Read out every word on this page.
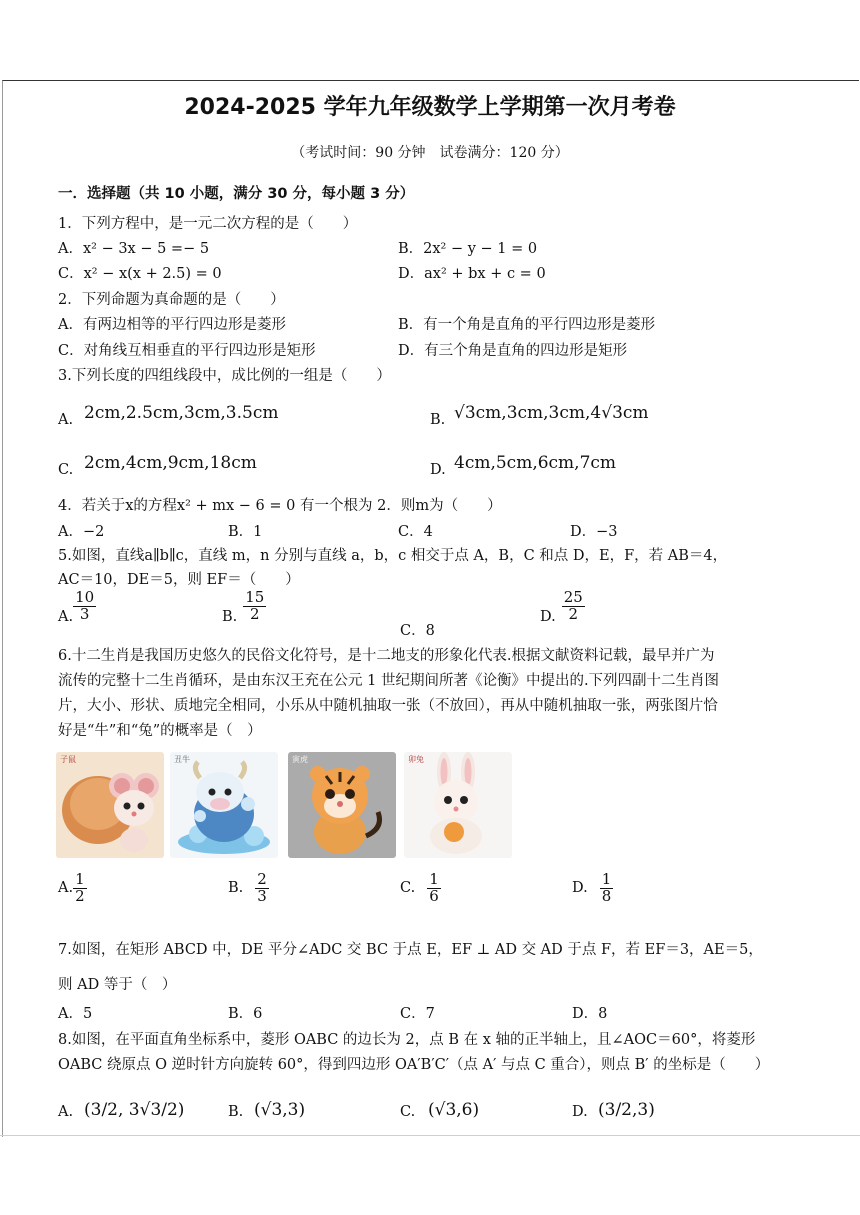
2024-2025 学年九年级数学上学期第一次月考卷
（考试时间：90 分钟　试卷满分：120 分）
一．选择题（共 10 小题，满分 30 分，每小题 3 分）
1．下列方程中，是一元二次方程的是（　　）
A．x² − 3x − 5 =− 5	B．2x² − y − 1 = 0
C．x² − x(x + 2.5) = 0	D．ax² + bx + c = 0
2．下列命题为真命题的是（　　）
A．有两边相等的平行四边形是菱形	B．有一个角是直角的平行四边形是菱形
C．对角线互相垂直的平行四边形是矩形	D．有三个角是直角的四边形是矩形
3.下列长度的四组线段中，成比例的一组是（　　）
A. 2cm,2.5cm,3cm,3.5cm	B. √3cm,3cm,3cm,4√3cm
C. 2cm,4cm,9cm,18cm	D. 4cm,5cm,6cm,7cm
4．若关于x的方程x² + mx − 6 = 0 有一个根为 2．则m为（　　）
A．−2	B．1	C．4	D．−3
5.如图，直线a∥b∥c，直线 m，n 分别与直线 a，b，c 相交于点 A，B，C 和点 D，E，F，若 AB＝4，
AC＝10，DE＝5，则 EF＝（　　）
A. $\frac{10}{3}$	B. $\frac{15}{2}$
C．8
D. $\frac{25}{2}$
6.十二生肖是我国历史悠久的民俗文化符号，是十二地支的形象化代表.根据文献资料记载，最早并广为
流传的完整十二生肖循环，是由东汉王充在公元 1 世纪期间所著《论衡》中提出的.下列四副十二生肖图
片，大小、形状、质地完全相同，小乐从中随机抽取一张（不放回），再从中随机抽取一张，两张图片恰
好是“牛”和“兔”的概率是（　）
子鼠	丑牛	寅虎	卯兔
A. $\frac{1}{2}$	B. $\frac{2}{3}$	C. $\frac{1}{6}$	D. $\frac{1}{8}$
7.如图，在矩形 ABCD 中，DE 平分∠ADC 交 BC 于点 E，EF ⊥ AD 交 AD 于点 F，若 EF＝3，AE＝5，
则 AD 等于（　）
A．5	B．6	C．7	D．8
8.如图，在平面直角坐标系中，菱形 OABC 的边长为 2，点 B 在 x 轴的正半轴上，且∠AOC＝60°，将菱形
OABC 绕原点 O 逆时针方向旋转 60°，得到四边形 OA′B′C′（点 A′ 与点 C 重合），则点 B′ 的坐标是（　　）
A. (3/2, 3√3/2)	B. (√3,3)	C. (√3,6)	D. (3/2,3)
